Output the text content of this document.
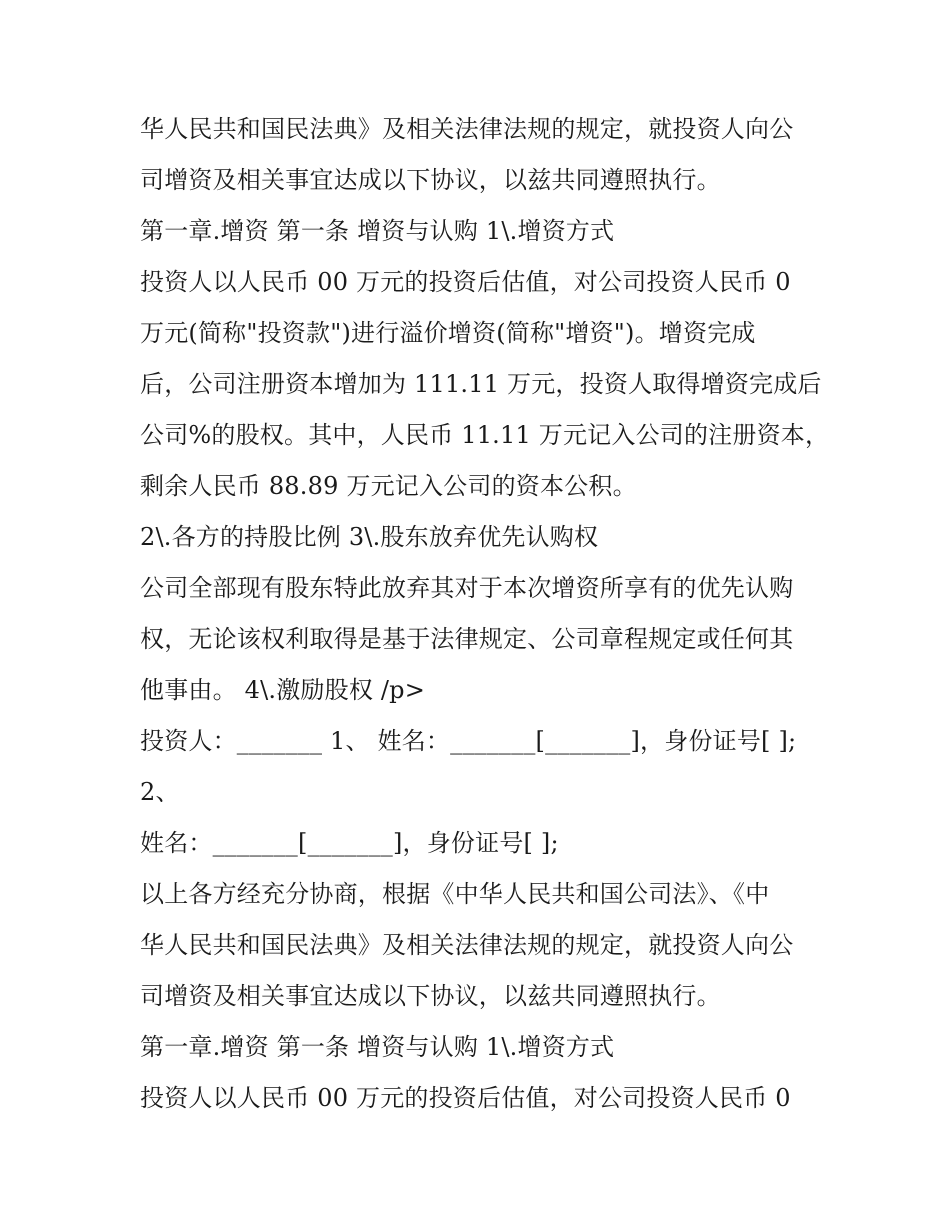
华人民共和国民法典》及相关法律法规的规定，就投资人向公
司增资及相关事宜达成以下协议，以兹共同遵照执行。
第一章.增资 第一条 增资与认购 1\.增资方式
投资人以人民币 00 万元的投资后估值，对公司投资人民币 0
万元(简称"投资款")进行溢价增资(简称"增资")。增资完成
后，公司注册资本增加为 111.11 万元，投资人取得增资完成后
公司%的股权。其中，人民币 11.11 万元记入公司的注册资本，
剩余人民币 88.89 万元记入公司的资本公积。
2\.各方的持股比例 3\.股东放弃优先认购权
公司全部现有股东特此放弃其对于本次增资所享有的优先认购
权，无论该权利取得是基于法律规定、公司章程规定或任何其
他事由。 4\.激励股权 /p>
投资人：_______ 1、 姓名：_______[_______]，身份证号[ ];
2、
姓名：_______[_______]，身份证号[ ];
以上各方经充分协商，根据《中华人民共和国公司法》、《中
华人民共和国民法典》及相关法律法规的规定，就投资人向公
司增资及相关事宜达成以下协议，以兹共同遵照执行。
第一章.增资 第一条 增资与认购 1\.增资方式
投资人以人民币 00 万元的投资后估值，对公司投资人民币 0
